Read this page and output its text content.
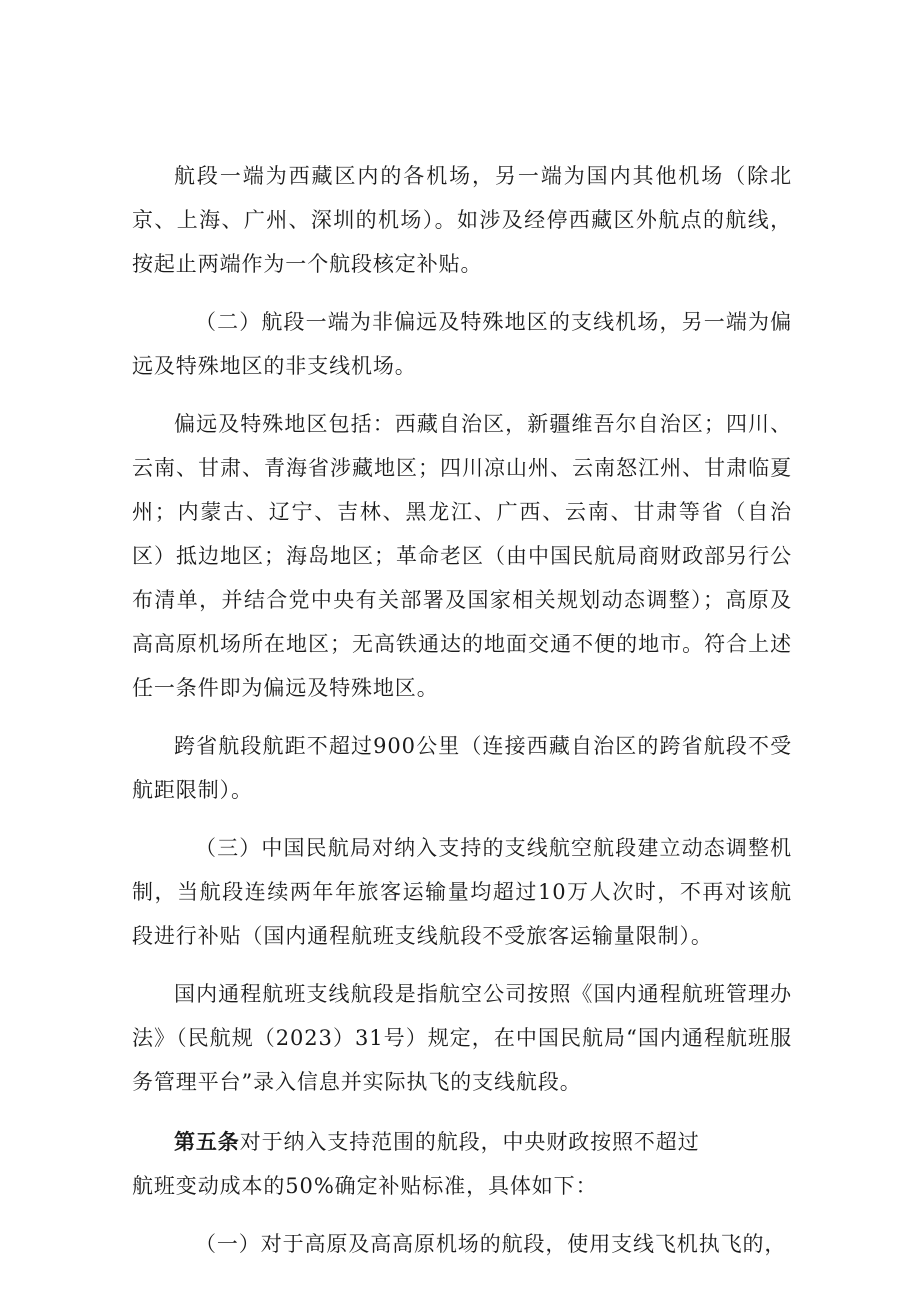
航段一端为西藏区内的各机场，另一端为国内其他机场（除北京、上海、广州、深圳的机场）。如涉及经停西藏区外航点的航线，按起止两端作为一个航段核定补贴。

（二）航段一端为非偏远及特殊地区的支线机场，另一端为偏远及特殊地区的非支线机场。

偏远及特殊地区包括：西藏自治区，新疆维吾尔自治区；四川、云南、甘肃、青海省涉藏地区；四川凉山州、云南怒江州、甘肃临夏州；内蒙古、辽宁、吉林、黑龙江、广西、云南、甘肃等省（自治区）抵边地区；海岛地区；革命老区（由中国民航局商财政部另行公布清单，并结合党中央有关部署及国家相关规划动态调整）；高原及高高原机场所在地区；无高铁通达的地面交通不便的地市。符合上述任一条件即为偏远及特殊地区。

跨省航段航距不超过900公里（连接西藏自治区的跨省航段不受航距限制）。

（三）中国民航局对纳入支持的支线航空航段建立动态调整机制，当航段连续两年年旅客运输量均超过10万人次时，不再对该航段进行补贴（国内通程航班支线航段不受旅客运输量限制）。

国内通程航班支线航段是指航空公司按照《国内通程航班管理办法》（民航规（2023）31号）规定，在中国民航局“国内通程航班服务管理平台”录入信息并实际执飞的支线航段。

第五条对于纳入支持范围的航段，中央财政按照不超过

航班变动成本的50%确定补贴标准，具体如下：

（一）对于高原及高高原机场的航段，使用支线飞机执飞的，
